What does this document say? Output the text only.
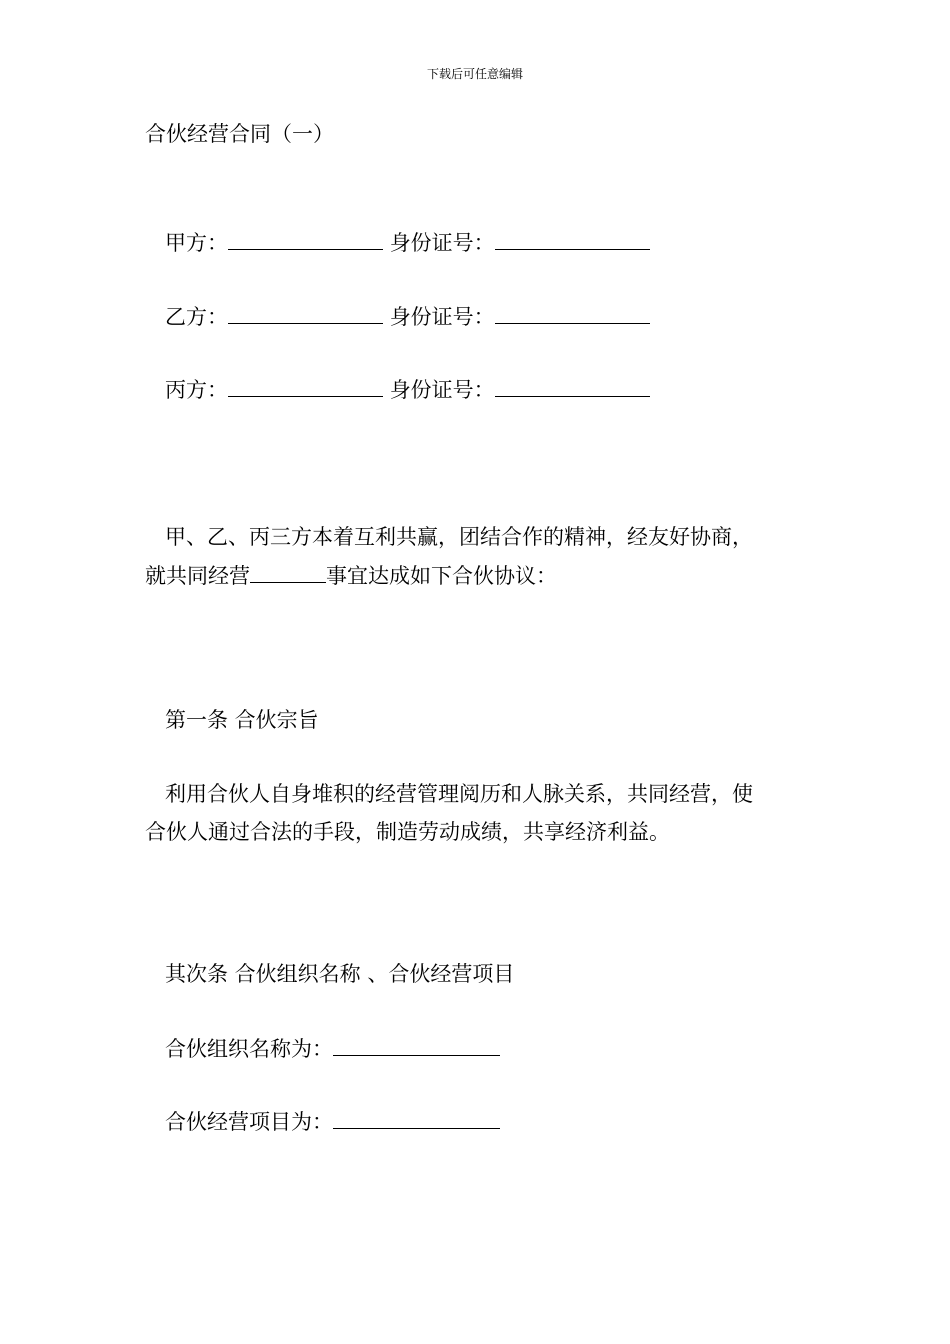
下载后可任意编辑
合伙经营合同（一）
甲方：	身份证号：
乙方：	身份证号：
丙方：	身份证号：
甲、乙、丙三方本着互利共赢，团结合作的精神，经友好协商，
就共同经营	事宜达成如下合伙协议：
第一条 合伙宗旨
利用合伙人自身堆积的经营管理阅历和人脉关系，共同经营，使
合伙人通过合法的手段，制造劳动成绩，共享经济利益。
其次条 合伙组织名称 、合伙经营项目
合伙组织名称为：
合伙经营项目为：
